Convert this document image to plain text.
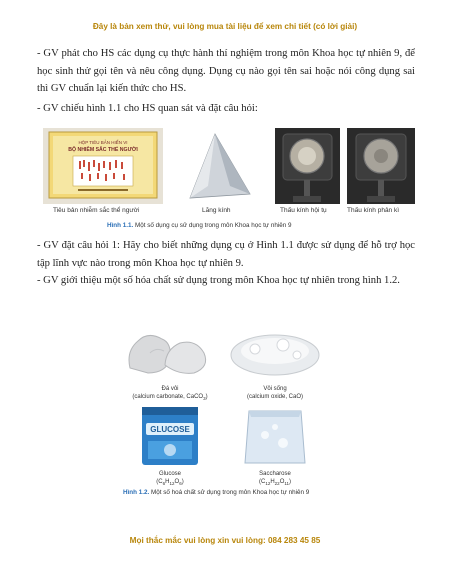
Đây là bản xem thử, vui lòng mua tài liệu để xem chi tiết (có lời giải)

- GV phát cho HS các dụng cụ thực hành thí nghiệm trong môn Khoa học tự nhiên 9, để học sinh thử gọi tên và nêu công dụng. Dụng cụ nào gọi tên sai hoặc nói công dụng sai thì GV chuẩn lại kiến thức cho HS.

- GV chiếu hình 1.1 cho HS quan sát và đặt câu hỏi:

HỘP TIÊU BẢN HIỂN VI
BỘ NHIỄM SẮC THỂ NGƯỜI
Tiêu bản nhiễm sắc thể người	Lăng kính	Thấu kính hội tụ	Thấu kính phân kì
Hình 1.1. Một số dụng cụ sử dụng trong môn Khoa học tự nhiên 9

- GV đặt câu hỏi 1: Hãy cho biết những dụng cụ ở Hình 1.1 được sử dụng để hỗ trợ học tập lĩnh vực nào trong môn Khoa học tự nhiên 9.

- GV giới thiệu một số hóa chất sử dụng trong môn Khoa học tự nhiên trong hình 1.2.

Đá vôi
(calcium carbonate, CaCO$_3$)
Vôi sống
(calcium oxide, CaO)
GLUCOSE
Glucose
$(C_6H_{12}O_6)$
Saccharose
$(C_{12}H_{22}O_{11})$
Hình 1.2. Một số hoá chất sử dụng trong môn Khoa học tự nhiên 9
Mọi thắc mắc vui lòng xin vui lòng: 084 283 45 85
